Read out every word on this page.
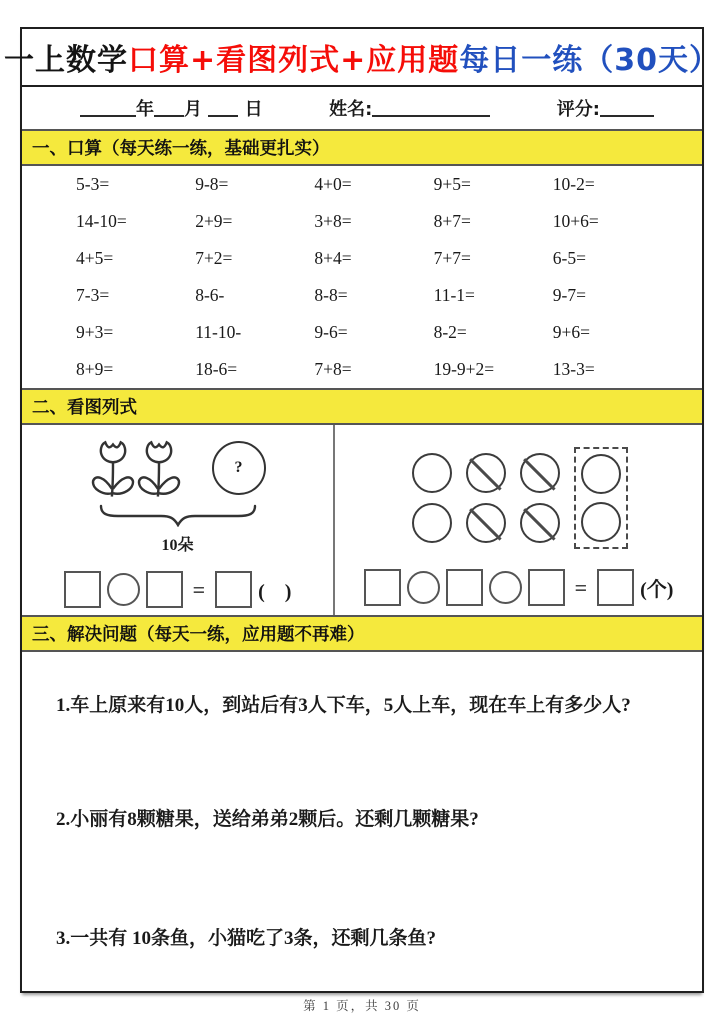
一上数学 口算+看图列式+应用题 每日一练（30天）
年 月 日	姓名:	评分:
一、口算（每天练一练，基础更扎实）
5-3=	9-8=	4+0=	9+5=	10-2=
14-10=	2+9=	3+8=	8+7=	10+6=
4+5=	7+2=	8+4=	7+7=	6-5=
7-3=	8-6-	8-8=	11-1=	9-7=
9+3=	11-10-	9-6=	8-2=	9+6=
8+9=	18-6=	7+8=	19-9+2=	13-3=
二、看图列式
?
10朵
=	(　)	=	(个)
三、解决问题（每天一练，应用题不再难）
1.车上原来有10人，到站后有3人下车，5人上车，现在车上有多少人?
2.小丽有8颗糖果，送给弟弟2颗后。还剩几颗糖果?
3.一共有 10条鱼，小猫吃了3条，还剩几条鱼?
第 1 页，共 30 页
